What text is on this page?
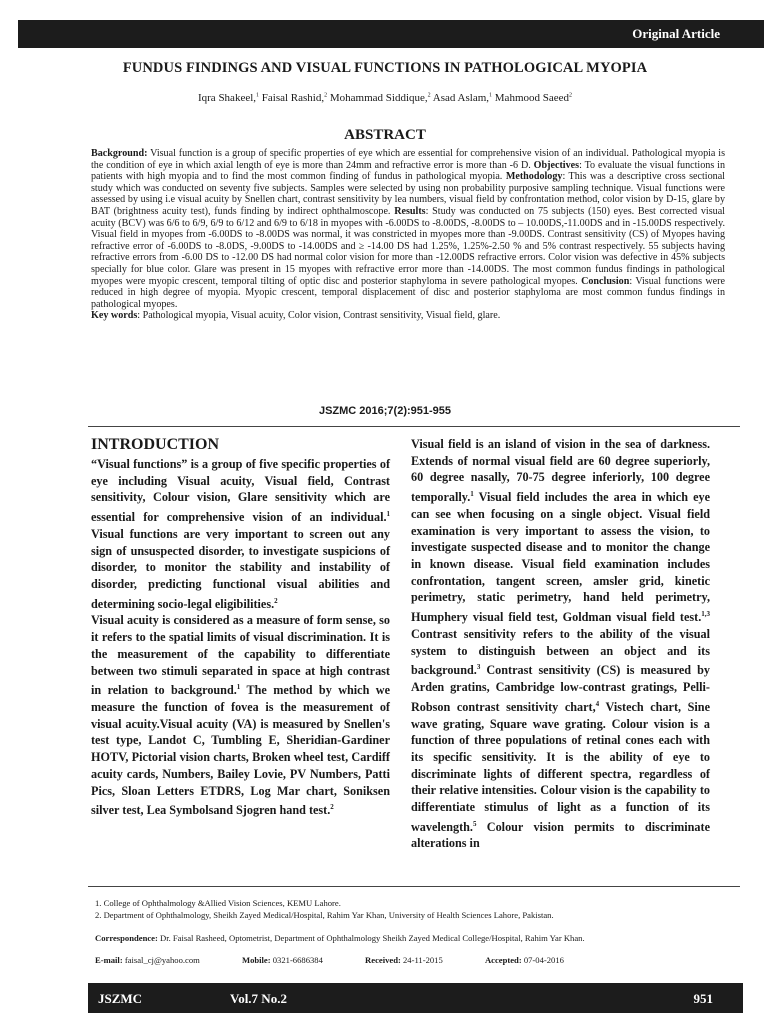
Original Article
FUNDUS FINDINGS AND VISUAL FUNCTIONS IN PATHOLOGICAL MYOPIA
Iqra Shakeel,$^1$ Faisal Rashid,$^2$ Mohammad Siddique,$^2$ Asad Aslam,$^1$ Mahmood Saeed$^2$
ABSTRACT
Background: Visual function is a group of specific properties of eye which are essential for comprehensive vision of an individual. Pathological myopia is the condition of eye in which axial length of eye is more than 24mm and refractive error is more than -6 D. Objectives: To evaluate the visual functions in patients with high myopia and to find the most common finding of fundus in pathological myopia. Methodology: This was a descriptive cross sectional study which was conducted on seventy five subjects. Samples were selected by using non probability purposive sampling technique. Visual functions were assessed by using i.e visual acuity by Snellen chart, contrast sensitivity by lea numbers, visual field by confrontation method, color vision by D-15, glare by BAT (brightness acuity test), funds finding by indirect ophthalmoscope. Results: Study was conducted on 75 subjects (150) eyes. Best corrected visual acuity (BCV) was 6/6 to 6/9, 6/9 to 6/12 and 6/9 to 6/18 in myopes with -6.00DS to -8.00DS, -8.00DS to – 10.00DS,-11.00DS and in -15.00DS respectively. Visual field in myopes from -6.00DS to -8.00DS was normal, it was constricted in myopes more than -9.00DS. Contrast sensitivity (CS) of Myopes having refractive error of -6.00DS to -8.0DS, -9.00DS to -14.00DS and ≥ -14.00 DS had 1.25%, 1.25%-2.50 % and 5% contrast respectively. 55 subjects having refractive errors from -6.00 DS to -12.00 DS had normal color vision for more than -12.00DS refractive errors. Color vision was defective in 45% subjects specially for blue color. Glare was present in 15 myopes with refractive error more than -14.00DS. The most common fundus findings in pathological myopes were myopic crescent, temporal tilting of optic disc and posterior staphyloma in severe pathological myopes. Conclusion: Visual functions were reduced in high degree of myopia. Myopic crescent, temporal displacement of disc and posterior staphyloma are most common fundus findings in pathological myopes.
Key words: Pathological myopia, Visual acuity, Color vision, Contrast sensitivity, Visual field, glare.
JSZMC 2016;7(2):951-955
INTRODUCTION

“Visual functions” is a group of five specific properties of eye including Visual acuity, Visual field, Contrast sensitivity, Colour vision, Glare sensitivity which are essential for comprehensive vision of an individual.$^1$ Visual functions are very important to screen out any sign of unsuspected disorder, to investigate suspicions of disorder, to monitor the stability and instability of disorder, predicting functional visual abilities and determining socio-legal eligibilities.$^2$

Visual acuity is considered as a measure of form sense, so it refers to the spatial limits of visual discrimination. It is the measurement of the capability to differentiate between two stimuli separated in space at high contrast in relation to background.$^1$ The method by which we measure the function of fovea is the measurement of visual acuity.Visual acuity (VA) is measured by Snellen's test type, Landot C, Tumbling E, Sheridian-Gardiner HOTV, Pictorial vision charts, Broken wheel test, Cardiff acuity cards, Numbers, Bailey Lovie, PV Numbers, Patti Pics, Sloan Letters ETDRS, Log Mar chart, Soniksen silver test, Lea Symbolsand Sjogren hand test.$^2$

Visual field is an island of vision in the sea of darkness. Extends of normal visual field are 60 degree superiorly, 60 degree nasally, 70-75 degree inferiorly, 100 degree temporally.$^1$ Visual field includes the area in which eye can see when focusing on a single object. Visual field examination is very important to assess the vision, to investigate suspected disease and to monitor the change in known disease. Visual field examination includes confrontation, tangent screen, amsler grid, kinetic perimetry, static perimetry, hand held perimetry, Humphery visual field test, Goldman visual field test.$^{1,3}$ Contrast sensitivity refers to the ability of the visual system to distinguish between an object and its background.$^3$ Contrast sensitivity (CS) is measured by Arden gratins, Cambridge low-contrast gratings, Pelli-Robson contrast sensitivity chart,$^4$ Vistech chart, Sine wave grating, Square wave grating. Colour vision is a function of three populations of retinal cones each with its specific sensitivity. It is the ability of eye to discriminate lights of different spectra, regardless of their relative intensities. Colour vision is the capability to differentiate stimulus of light as a function of its wavelength.$^5$ Colour vision permits to discriminate alterations in

1. College of Ophthalmology &Allied Vision Sciences, KEMU Lahore.
2. Department of Ophthalmology, Sheikh Zayed Medical/Hospital, Rahim Yar Khan, University of Health Sciences Lahore, Pakistan.
Correspondence: Dr. Faisal Rasheed, Optometrist, Department of Ophthalmology Sheikh Zayed Medical College/Hospital, Rahim Yar Khan.
E-mail: faisal_cj@yahoo.com	Mobile: 0321-6686384	Received: 24-11-2015	Accepted: 07-04-2016
JSZMC	Vol.7 No.2	951
